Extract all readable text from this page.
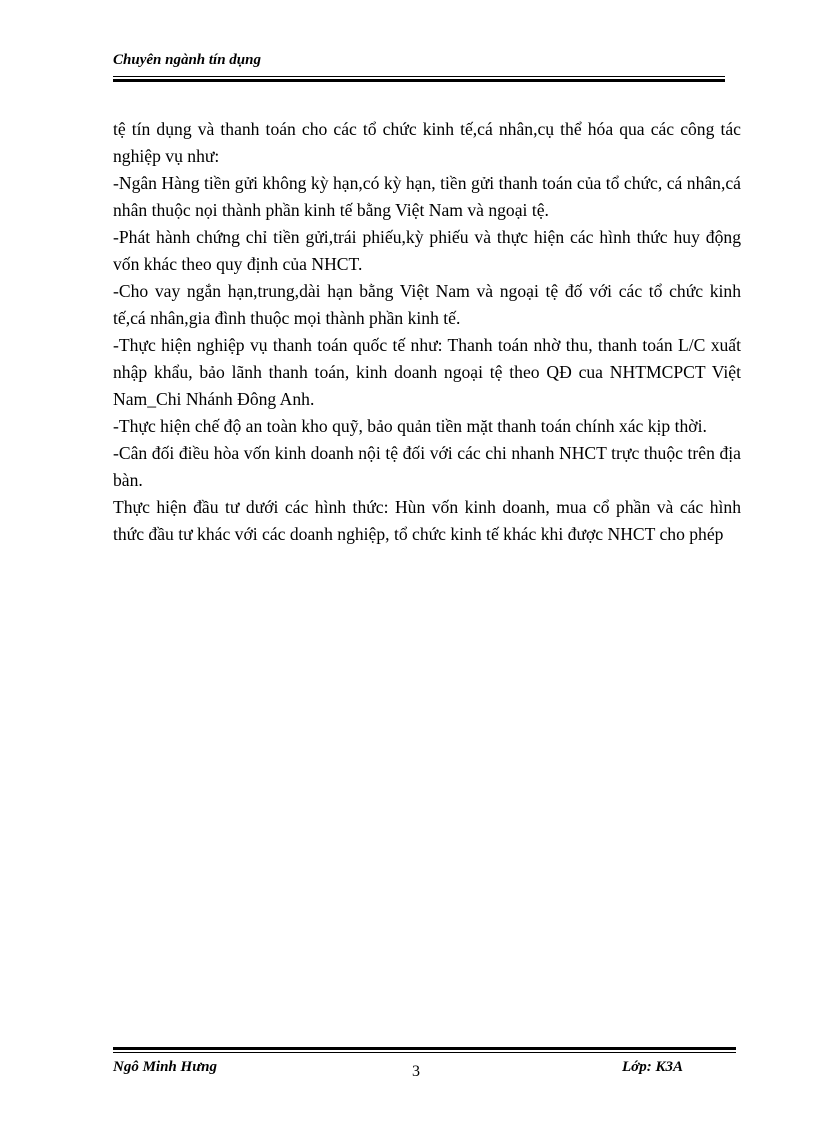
Chuyên ngành tín dụng

tệ tín dụng và thanh toán cho các tổ chức kinh tế,cá nhân,cụ thể hóa qua các công tác nghiệp vụ như:

-Ngân Hàng tiền gửi không kỳ hạn,có kỳ hạn, tiền gửi thanh toán của tổ chức, cá nhân,cá nhân thuộc nọi thành phần kinh tế bằng Việt Nam và ngoại tệ.

-Phát hành chứng chỉ tiền gửi,trái phiếu,kỳ phiếu và thực hiện các hình thức huy động vốn khác theo quy định của NHCT.

-Cho vay ngắn hạn,trung,dài hạn bằng Việt Nam và ngoại tệ đố với các tổ chức kinh tế,cá nhân,gia đình thuộc mọi thành phần kinh tế.

-Thực hiện nghiệp vụ thanh toán quốc tế như: Thanh toán nhờ thu, thanh toán L/C xuất nhập khẩu, bảo lãnh thanh toán, kinh doanh ngoại tệ theo QĐ cua NHTMCPCT Việt Nam_Chi Nhánh Đông Anh.

-Thực hiện chế độ an toàn kho quỹ, bảo quản tiền mặt thanh toán chính xác kịp thời.

-Cân đối điều hòa vốn kinh doanh nội tệ đối với các chi nhanh NHCT trực thuộc trên địa bàn.

Thực hiện đầu tư dưới các hình thức: Hùn vốn kinh doanh, mua cổ phần và các hình thức đầu tư khác với các doanh nghiệp, tổ chức kinh tế khác khi được NHCT cho phép

Ngô Minh Hưng	3	Lớp: K3A
